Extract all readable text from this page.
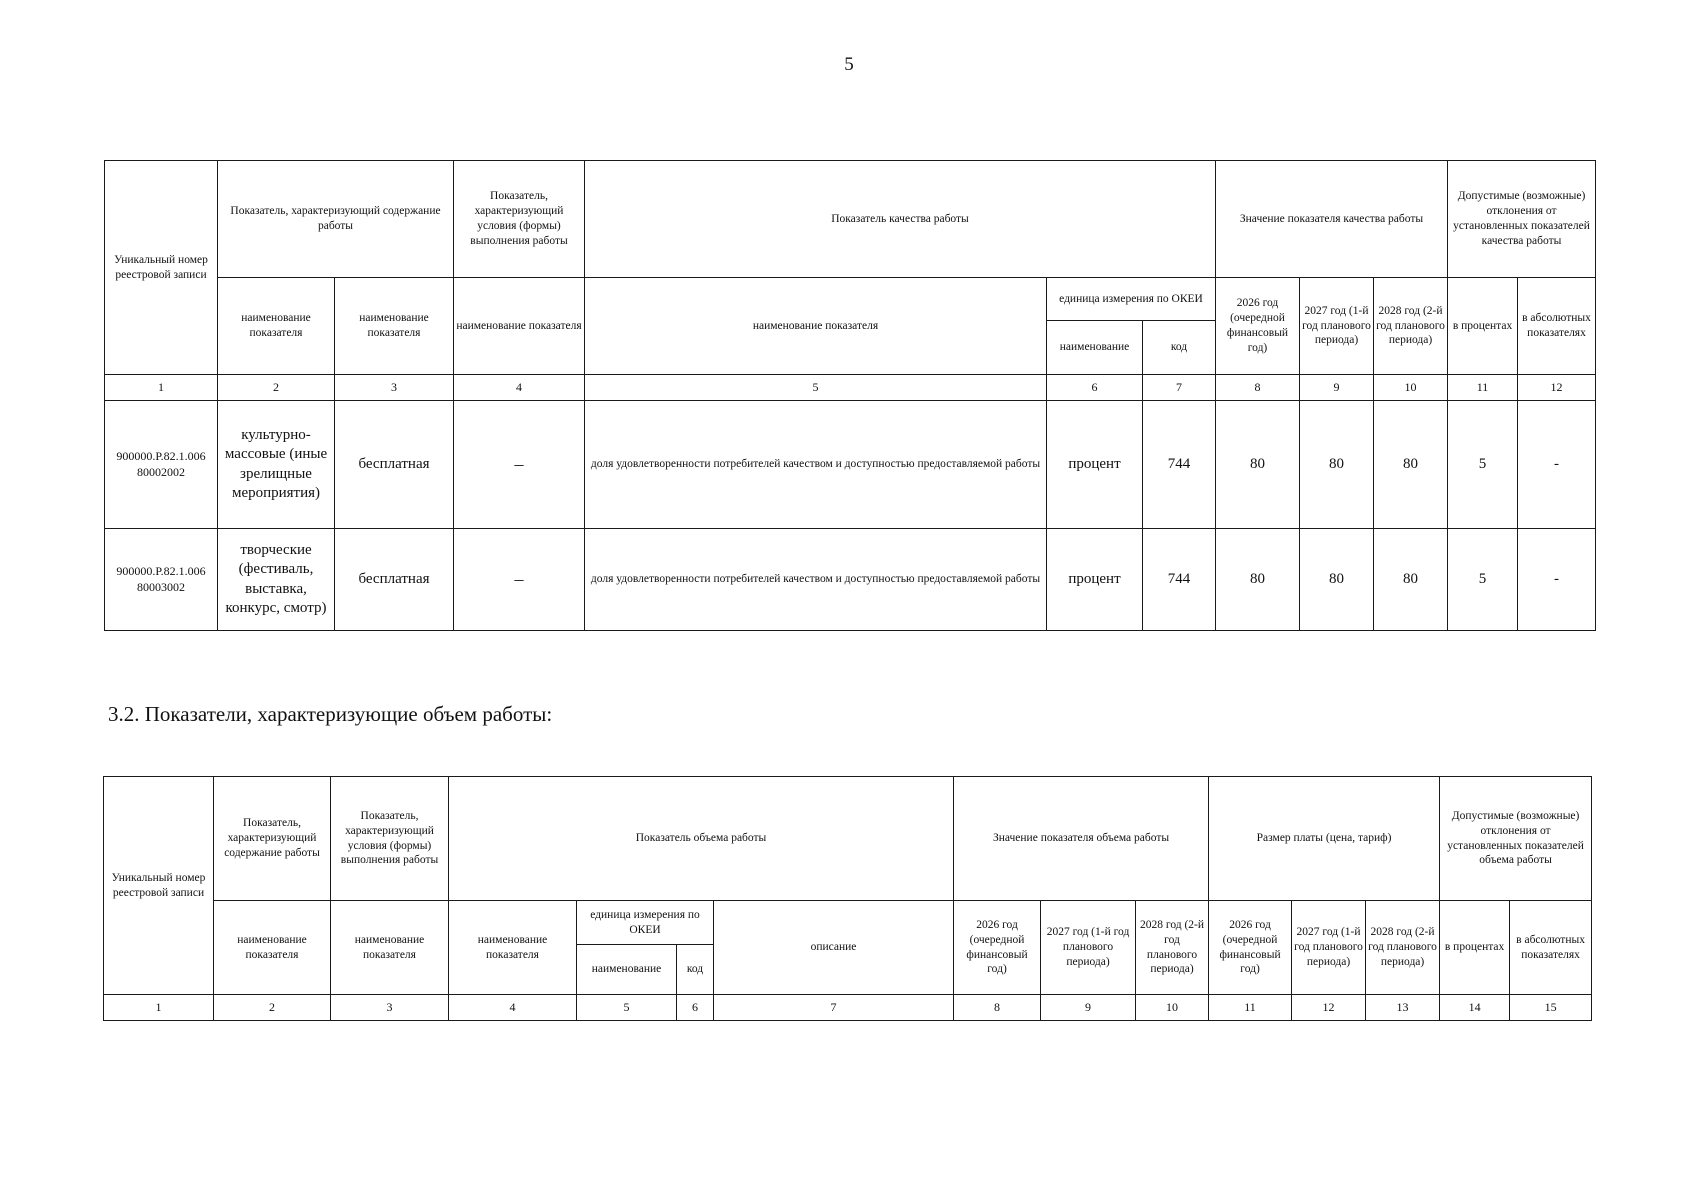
5
Уникальный номер реестровой записи	Показатель, характеризующий содержание работы		Показатель, характеризующий условия (формы) выполнения работы	Показатель качества работы			Значение показателя качества работы			Допустимые (возможные) отклонения от установленных показателей качества работы	
	наименование показателя	наименование показателя	наименование показателя	наименование показателя	единица измерения по ОКЕИ		2026 год (очередной финансовый год)	2027 год (1-й год планового периода)	2028 год (2-й год планового периода)	в процентах	в абсолютных показателях
					наименование	код					
1	2	3	4	5	6	7	8	9	10	11	12
900000.Р.82.1.006 80002002	культурно-массовые (иные зрелищные мероприятия)	бесплатная	–	доля удовлетворенности потребителей качеством и доступностью предоставляемой работы	процент	744	80	80	80	5	-
900000.Р.82.1.006 80003002	творческие (фестиваль, выставка, конкурс, смотр)	бесплатная	–	доля удовлетворенности потребителей качеством и доступностью предоставляемой работы	процент	744	80	80	80	5	-
3.2. Показатели, характеризующие объем работы:
Уникальный номер реестровой записи	Показатель, характеризующий содержание работы	Показатель, характеризующий условия (формы) выполнения работы	Показатель объема работы				Значение показателя объема работы			Размер платы (цена, тариф)			Допустимые (возможные) отклонения от установленных показателей объема работы	
	наименование показателя	наименование показателя	наименование показателя	единица измерения по ОКЕИ		описание	2026 год (очередной финансовый год)	2027 год (1-й год планового периода)	2028 год (2-й год планового периода)	2026 год (очередной финансовый год)	2027 год (1-й год планового периода)	2028 год (2-й год планового периода)	в процентах	в абсолютных показателях
				наименование	код									
1	2	3	4	5	6	7	8	9	10	11	12	13	14	15
